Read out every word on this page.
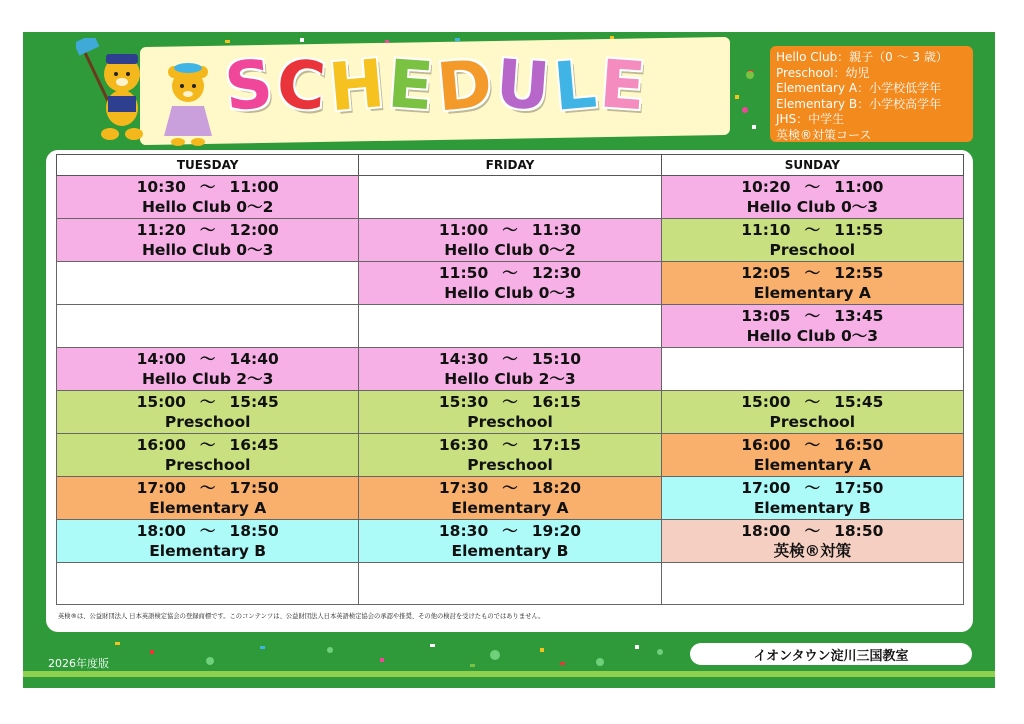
S
C
H
E
D
U
L
E	Hello Club：親子（0 ～ 3 歳）
Preschool：幼児
Elementary A：小学校低学年
Elementary B：小学校高学年
JHS：中学生
英検®対策コース
TUESDAY	FRIDAY	SUNDAY

10:30 ～ 11:00
Hello Club 0～2		10:20 ～ 11:00
Hello Club 0～3

11:20 ～ 12:00
Hello Club 0～3	11:00 ～ 11:30
Hello Club 0～2	11:10 ～ 11:55
Preschool

	11:50 ～ 12:30
Hello Club 0～3	12:05 ～ 12:55
Elementary A

		13:05 ～ 13:45
Hello Club 0～3

14:00 ～ 14:40
Hello Club 2～3	14:30 ～ 15:10
Hello Club 2～3	

15:00 ～ 15:45
Preschool	15:30 ～ 16:15
Preschool	15:00 ～ 15:45
Preschool

16:00 ～ 16:45
Preschool	16:30 ～ 17:15
Preschool	16:00 ～ 16:50
Elementary A

17:00 ～ 17:50
Elementary A	17:30 ～ 18:20
Elementary A	17:00 ～ 17:50
Elementary B

18:00 ～ 18:50
Elementary B	18:30 ～ 19:20
Elementary B	18:00 ～ 18:50
英検®対策

英検®は、公益財団法人 日本英語検定協会の登録商標です。このコンテンツは、公益財団法人日本英語検定協会の承認や推奨、その他の検討を受けたものではありません。
2026年度版	イオンタウン淀川三国教室
